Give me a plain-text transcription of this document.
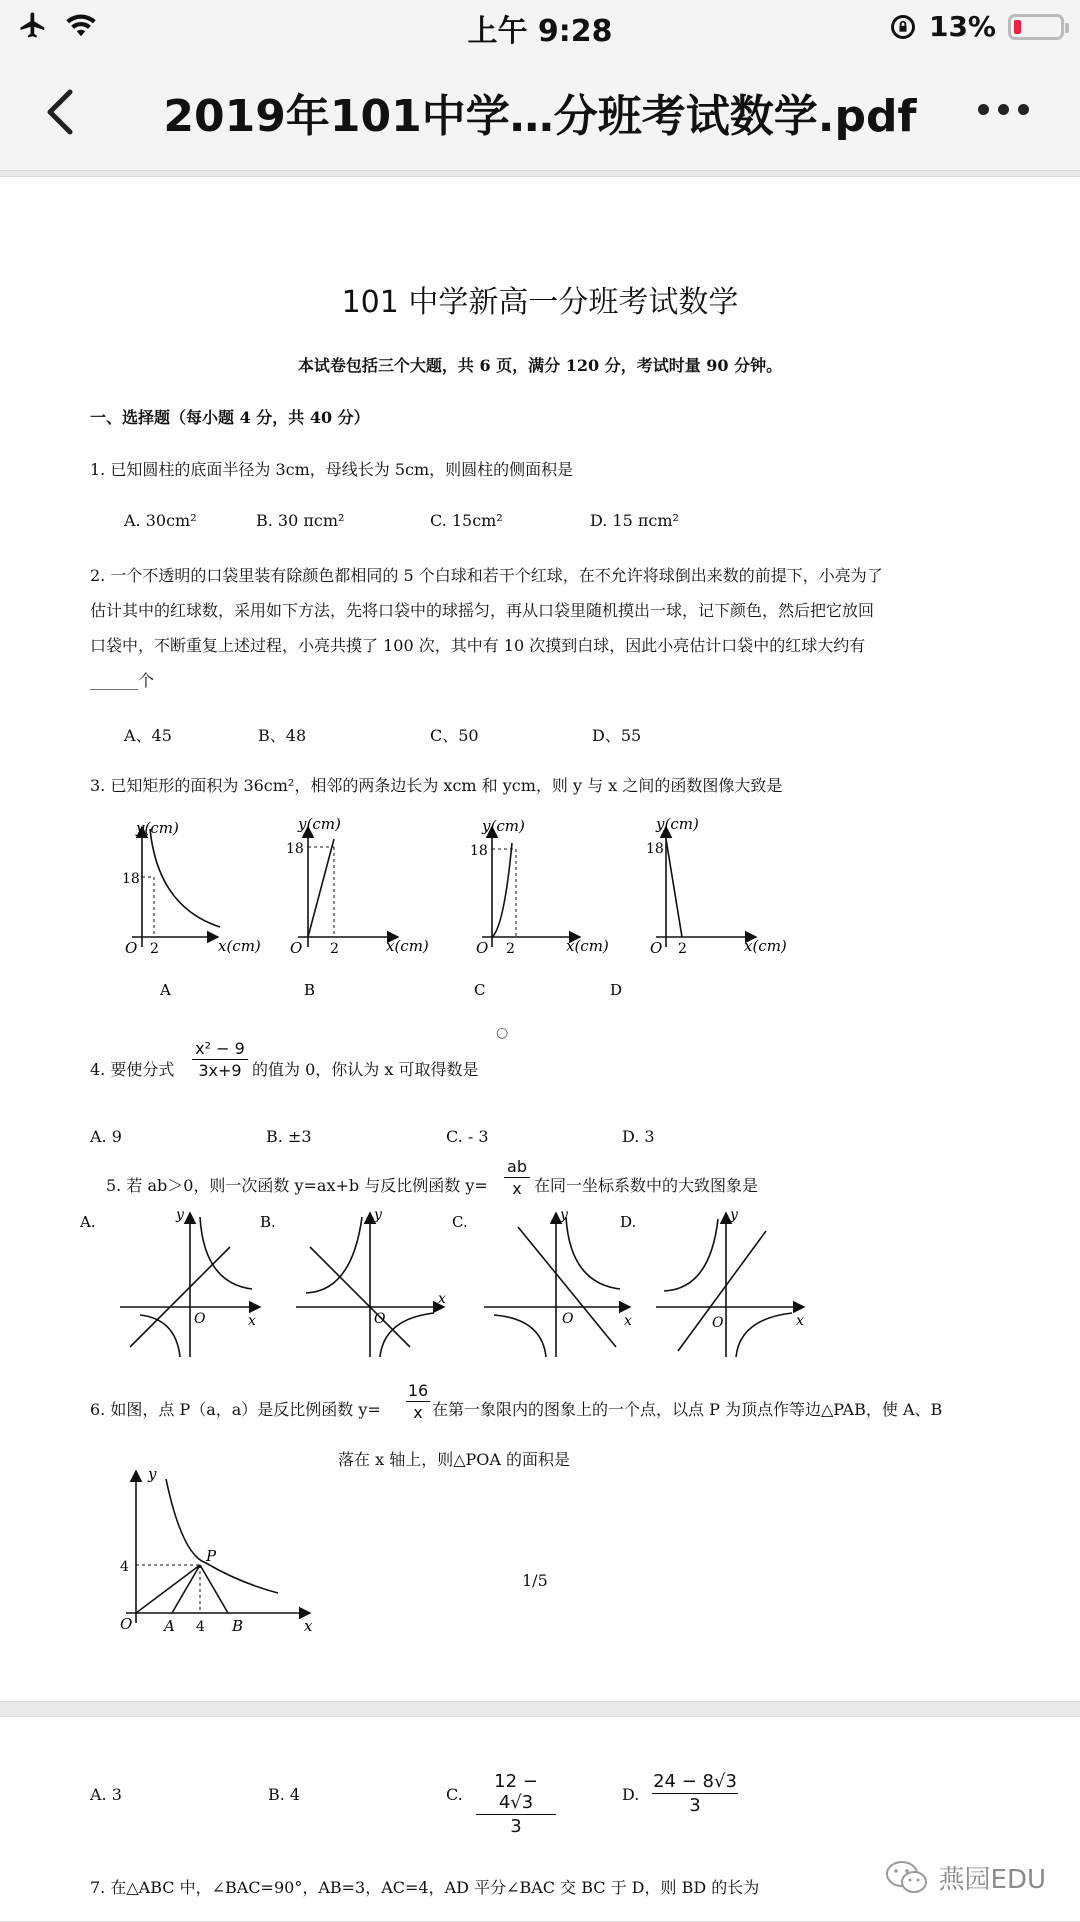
上午 9:28	13%
2019年101中学…分班考试数学.pdf
101 中学新高一分班考试数学
本试卷包括三个大题，共 6 页，满分 120 分，考试时量 90 分钟。
一、选择题（每小题 4 分，共 40 分）
1. 已知圆柱的底面半径为 3cm，母线长为 5cm，则圆柱的侧面积是
A. 30cm²	B. 30 πcm²	C. 15cm²	D. 15 πcm²
2. 一个不透明的口袋里装有除颜色都相同的 5 个白球和若干个红球，在不允许将球倒出来数的前提下，小亮为了
估计其中的红球数，采用如下方法，先将口袋中的球摇匀，再从口袋里随机摸出一球，记下颜色，然后把它放回
口袋中，不断重复上述过程，小亮共摸了 100 次，其中有 10 次摸到白球，因此小亮估计口袋中的红球大约有
______个
A、45	B、48	C、50	D、55
3. 已知矩形的面积为 36cm²，相邻的两条边长为 xcm 和 ycm，则 y 与 x 之间的函数图像大致是
y(cm)
18
2
O	x(cm)
A
y(cm)
18
2
O	x(cm)
B
y(cm)
18
2
O	x(cm)
C
y(cm)
18
2
O	x(cm)
D
○
4. 要使分式
x² − 9
3x+9 的值为 0，你认为 x 可取得数是
A. 9	B. ±3	C. - 3	D. 3
5. 若 ab＞0，则一次函数 y=ax+b 与反比例函数 y=
ab
x 在同一坐标系数中的大致图象是
A.	y
x
O
B.	y
x
O
C.	y
x
O
D.	y
x
O
6. 如图，点 P（a，a）是反比例函数 y=
16
x 在第一象限内的图象上的一个点，以点 P 为顶点作等边△PAB，使 A、B
落在 x 轴上，则△POA 的面积是
y
x
O
P
A	B
4
4
1/5
A. 3	B. 4	C.
12 − 4√3
3
D.
24 − 8√3
3
7. 在△ABC 中，∠BAC=90°，AB=3，AC=4，AD 平分∠BAC 交 BC 于 D，则 BD 的长为	燕园EDU
